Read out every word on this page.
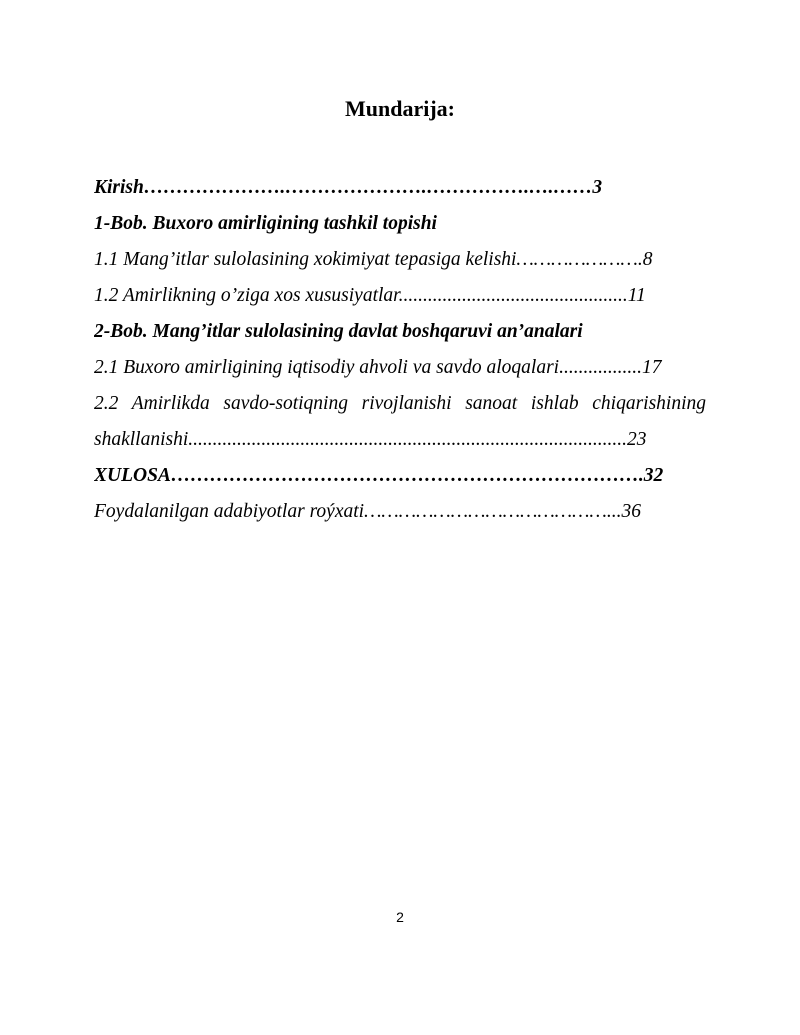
Mundarija:
Kirish………………….………………….…………….….……3
1-Bob. Buxoro amirligining tashkil topishi
1.1 Mang’itlar sulolasining xokimiyat tepasiga kelishi………………….8
1.2 Amirlikning o’ziga xos xususiyatlar...............................................11
2-Bob. Mang’itlar sulolasining davlat boshqaruvi an’analari
2.1 Buxoro amirligining iqtisodiy ahvoli va savdo aloqalari.................17
2.2 Amirlikda savdo-sotiqning rivojlanishi sanoat ishlab chiqarishining
shakllanishi..........................................................................................23
XULOSA……………………………………………………………….32
Foydalanilgan adabiyotlar roýxati……………………………………...36
2
